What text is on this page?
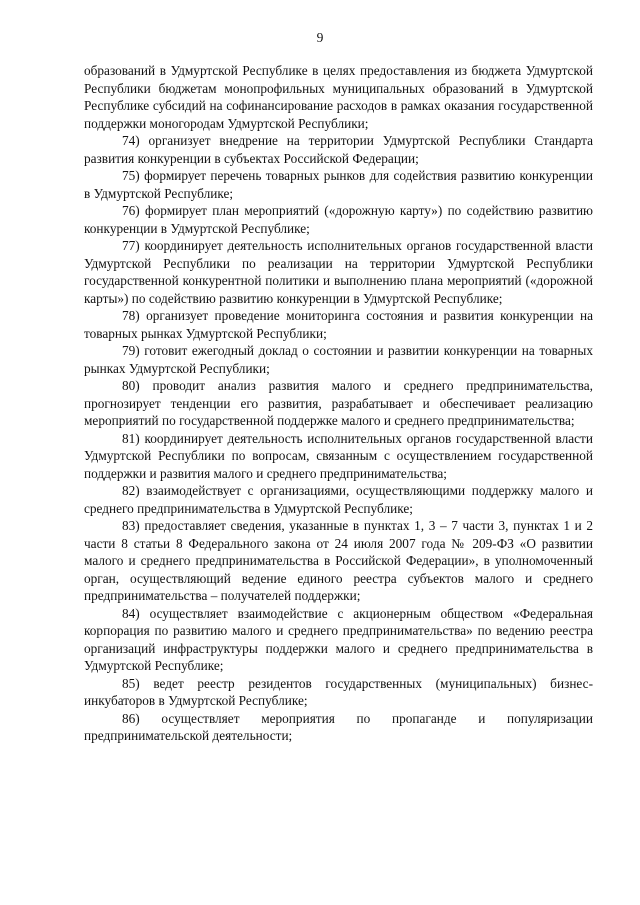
9

образований в Удмуртской Республике в целях предоставления из бюджета Удмуртской Республики бюджетам монопрофильных муниципальных образований в Удмуртской Республике субсидий на софинансирование расходов в рамках оказания государственной поддержки моногородам Удмуртской Республики;

74) организует внедрение на территории Удмуртской Республики Стандарта развития конкуренции в субъектах Российской Федерации;

75) формирует перечень товарных рынков для содействия развитию конкуренции в Удмуртской Республике;

76) формирует план мероприятий («дорожную карту») по содействию развитию конкуренции в Удмуртской Республике;

77) координирует деятельность исполнительных органов государственной власти Удмуртской Республики по реализации на территории Удмуртской Республики государственной конкурентной политики и выполнению плана мероприятий («дорожной карты») по содействию развитию конкуренции в Удмуртской Республике;

78) организует проведение мониторинга состояния и развития конкуренции на товарных рынках Удмуртской Республики;

79) готовит ежегодный доклад о состоянии и развитии конкуренции на товарных рынках Удмуртской Республики;

80) проводит анализ развития малого и среднего предпринимательства, прогнозирует тенденции его развития, разрабатывает и обеспечивает реализацию мероприятий по государственной поддержке малого и среднего предпринимательства;

81) координирует деятельность исполнительных органов государственной власти Удмуртской Республики по вопросам, связанным с осуществлением государственной поддержки и развития малого и среднего предпринимательства;

82) взаимодействует с организациями, осуществляющими поддержку малого и среднего предпринимательства в Удмуртской Республике;

83) предоставляет сведения, указанные в пунктах 1, 3 – 7 части 3, пунктах 1 и 2 части 8 статьи 8 Федерального закона от 24 июля 2007 года № 209-ФЗ «О развитии малого и среднего предпринимательства в Российской Федерации», в уполномоченный орган, осуществляющий ведение единого реестра субъектов малого и среднего предпринимательства – получателей поддержки;

84) осуществляет взаимодействие с акционерным обществом «Федеральная корпорация по развитию малого и среднего предпринимательства» по ведению реестра организаций инфраструктуры поддержки малого и среднего предпринимательства в Удмуртской Республике;

85) ведет реестр резидентов государственных (муниципальных) бизнес-инкубаторов в Удмуртской Республике;

86) осуществляет мероприятия по пропаганде и популяризации предпринимательской деятельности;
